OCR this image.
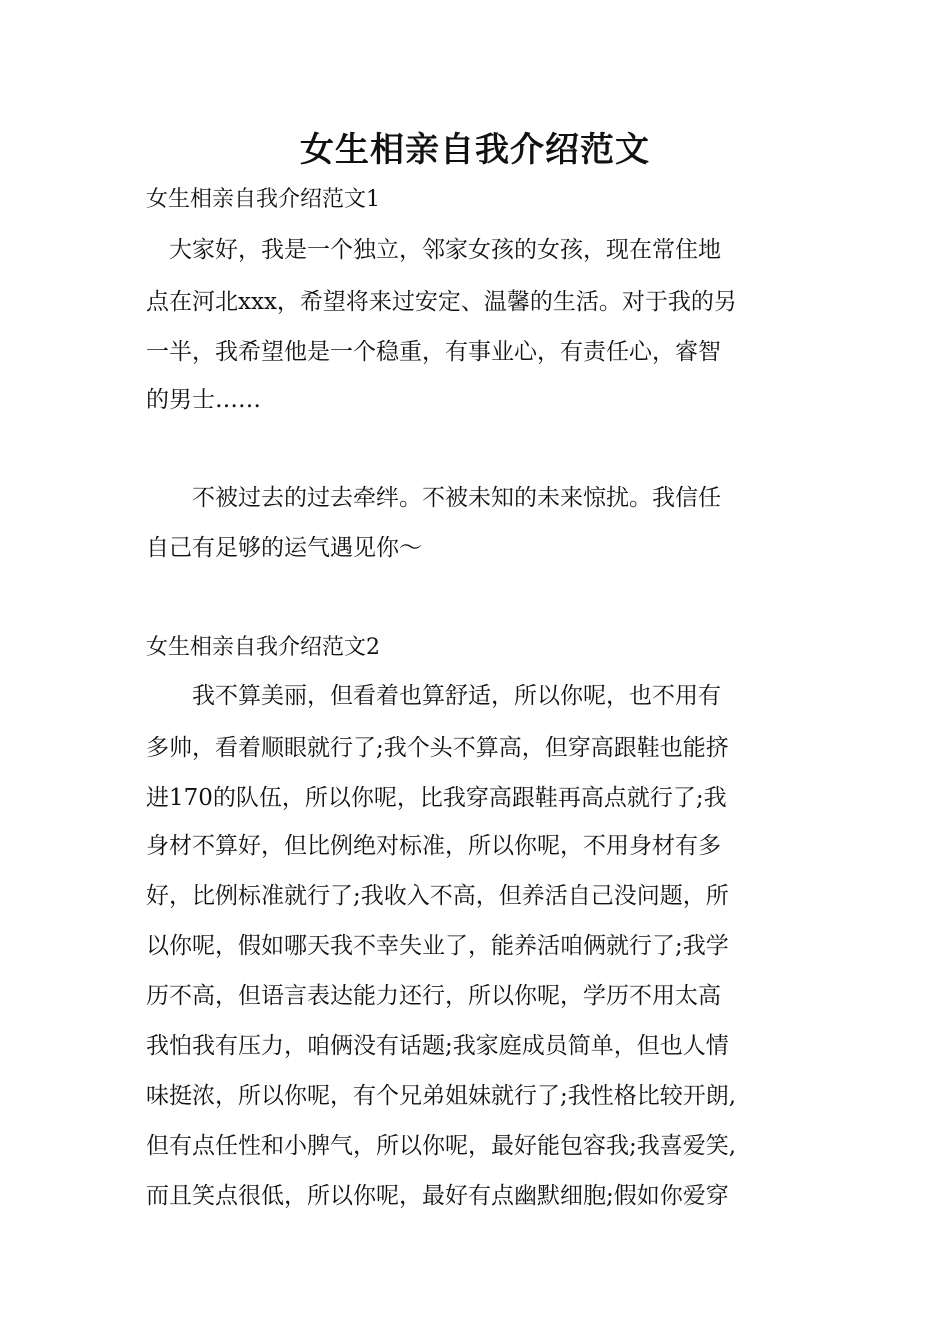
女生相亲自我介绍范文
女生相亲自我介绍范文1
　大家好，我是一个独立，邻家女孩的女孩，现在常住地
点在河北xxx，希望将来过安定、温馨的生活。对于我的另
一半，我希望他是一个稳重，有事业心，有责任心，睿智
的男士……
　　不被过去的过去牵绊。不被未知的未来惊扰。我信任
自己有足够的运气遇见你～
女生相亲自我介绍范文2
　　我不算美丽，但看着也算舒适，所以你呢，也不用有
多帅，看着顺眼就行了;我个头不算高，但穿高跟鞋也能挤
进170的队伍，所以你呢，比我穿高跟鞋再高点就行了;我
身材不算好，但比例绝对标准，所以你呢，不用身材有多
好，比例标准就行了;我收入不高，但养活自己没问题，所
以你呢，假如哪天我不幸失业了，能养活咱俩就行了;我学
历不高，但语言表达能力还行，所以你呢，学历不用太高
我怕我有压力，咱俩没有话题;我家庭成员简单，但也人情
味挺浓，所以你呢，有个兄弟姐妹就行了;我性格比较开朗,
但有点任性和小脾气，所以你呢，最好能包容我;我喜爱笑,
而且笑点很低，所以你呢，最好有点幽默细胞;假如你爱穿
